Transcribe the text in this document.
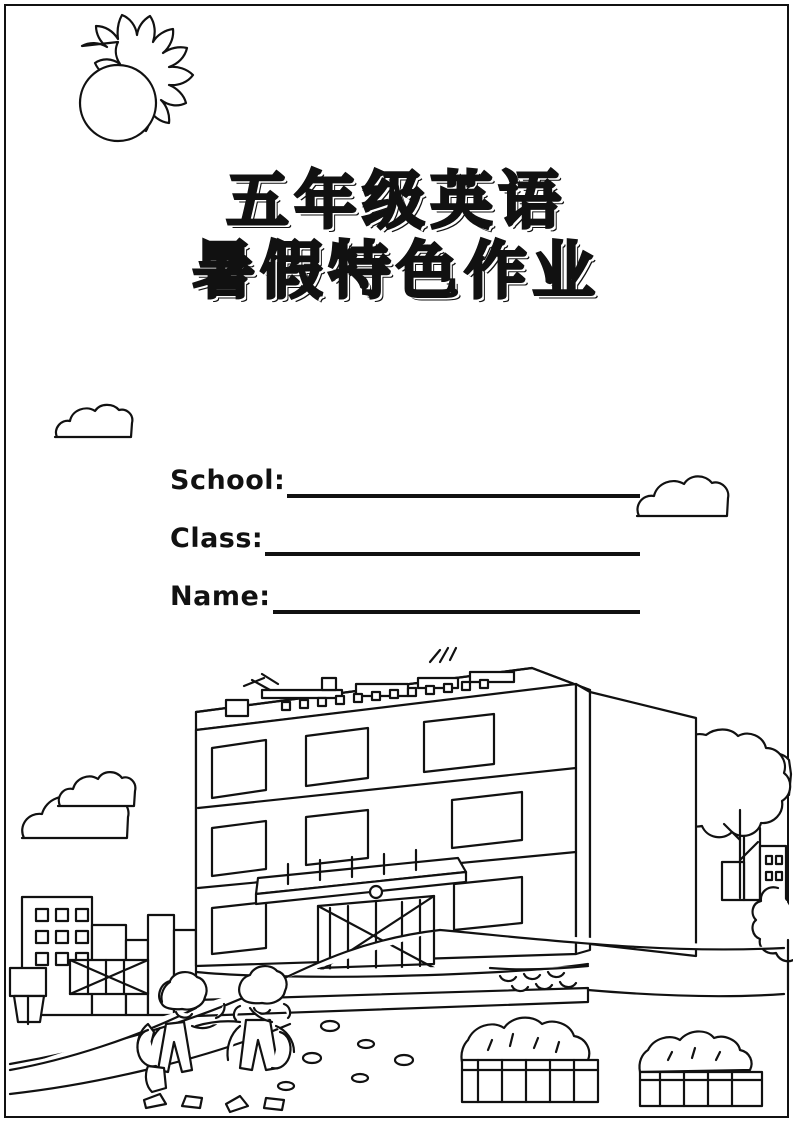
五年级英语
暑假特色作业
School:
Class:
Name:
